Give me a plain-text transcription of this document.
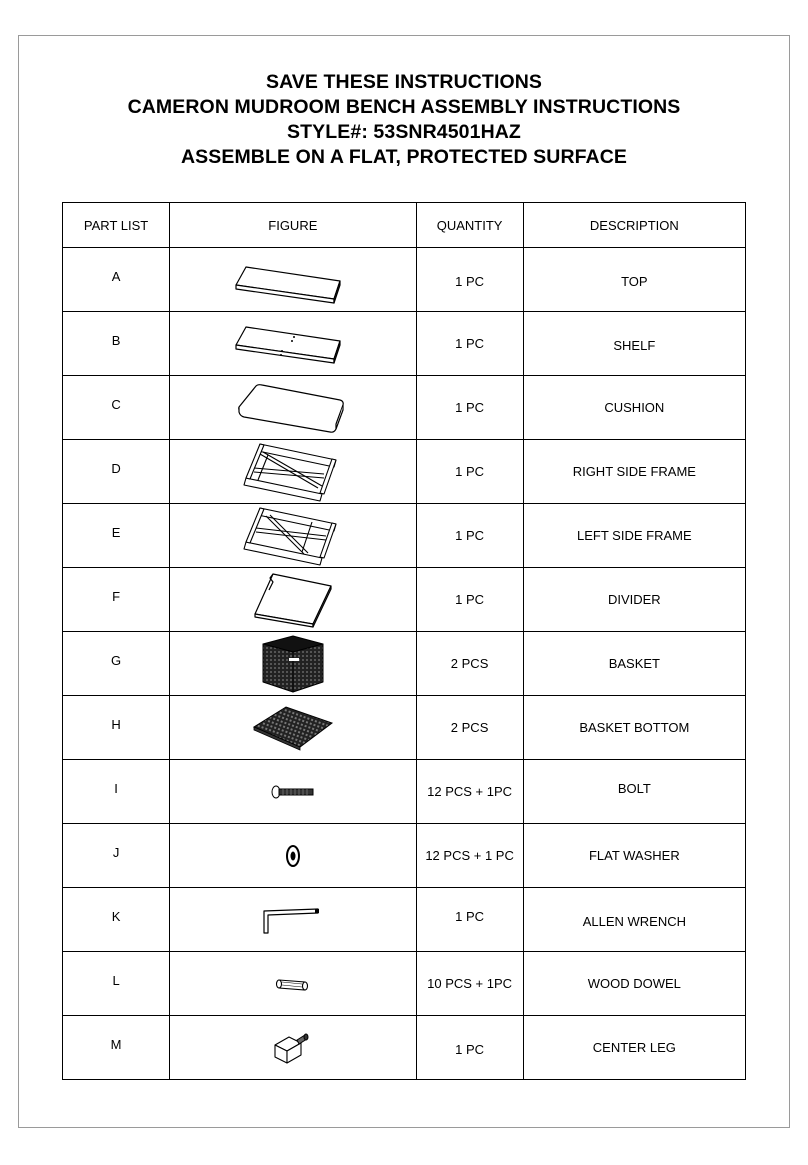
SAVE THESE INSTRUCTIONS
CAMERON MUDROOM BENCH ASSEMBLY INSTRUCTIONS
STYLE#: 53SNR4501HAZ
ASSEMBLE ON A FLAT, PROTECTED SURFACE
PART LIST	FIGURE	QUANTITY	DESCRIPTION
A		1 PC	TOP
B		1 PC	SHELF
C		1 PC	CUSHION
D		1 PC	RIGHT SIDE FRAME
E		1 PC	LEFT SIDE FRAME
F		1 PC	DIVIDER
G		2 PCS	BASKET
H		2 PCS	BASKET BOTTOM
I		12 PCS + 1PC	BOLT
J		12 PCS + 1 PC	FLAT WASHER
K		1 PC	ALLEN WRENCH
L		10 PCS + 1PC	WOOD DOWEL
M		1 PC	CENTER LEG
